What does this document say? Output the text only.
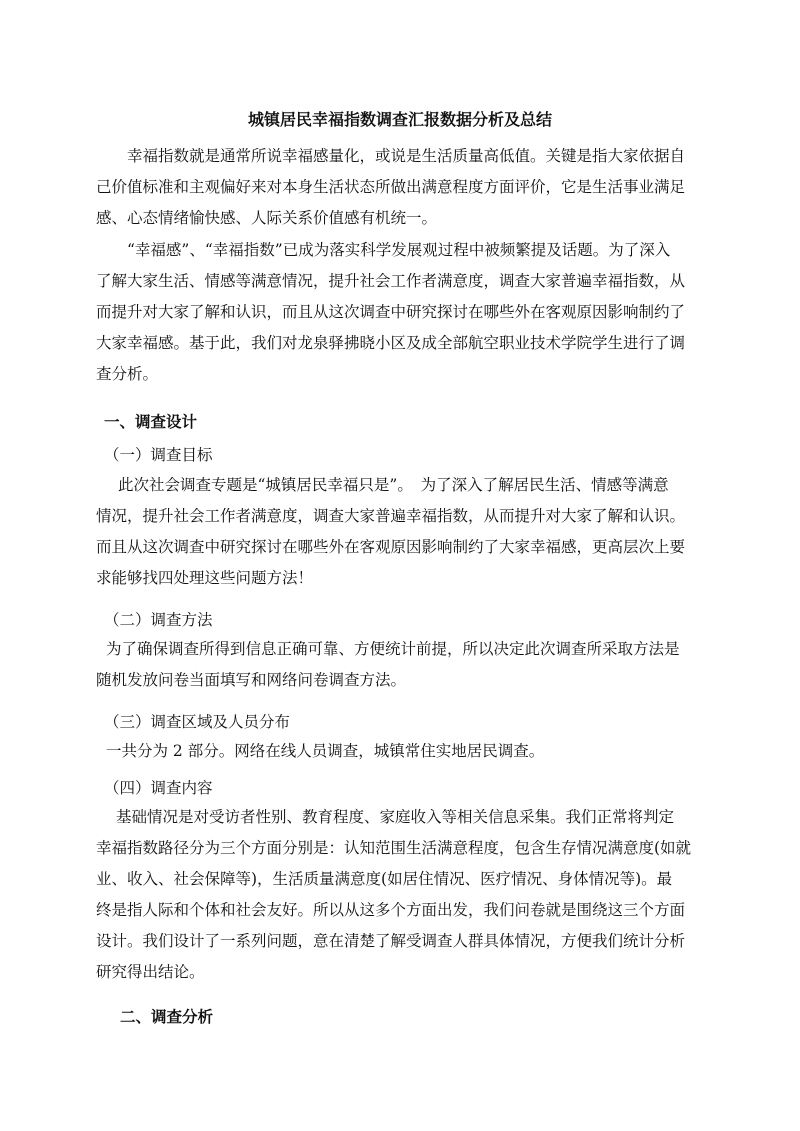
城镇居民幸福指数调查汇报数据分析及总结
幸福指数就是通常所说幸福感量化，或说是生活质量高低值。关键是指大家依据自
己价值标准和主观偏好来对本身生活状态所做出满意程度方面评价，它是生活事业满足
感、心态情绪愉快感、人际关系价值感有机统一。
“幸福感”、“幸福指数”已成为落实科学发展观过程中被频繁提及话题。为了深入
了解大家生活、情感等满意情况，提升社会工作者满意度，调查大家普遍幸福指数，从
而提升对大家了解和认识，而且从这次调查中研究探讨在哪些外在客观原因影响制约了
大家幸福感。基于此，我们对龙泉驿拂晓小区及成全部航空职业技术学院学生进行了调
查分析。
一、调查设计
（一）调查目标
此次社会调查专题是“城镇居民幸福只是”。　为了深入了解居民生活、情感等满意
情况，提升社会工作者满意度，调查大家普遍幸福指数，从而提升对大家了解和认识。
而且从这次调查中研究探讨在哪些外在客观原因影响制约了大家幸福感，更高层次上要
求能够找四处理这些问题方法！
（二）调查方法
为了确保调查所得到信息正确可靠、方便统计前提，所以决定此次调查所采取方法是
随机发放问卷当面填写和网络问卷调查方法。
（三）调查区域及人员分布
一共分为 2 部分。网络在线人员调查，城镇常住实地居民调查。
（四）调查内容
基础情况是对受访者性别、教育程度、家庭收入等相关信息采集。我们正常将判定
幸福指数路径分为三个方面分别是：认知范围生活满意程度，包含生存情况满意度(如就
业、收入、社会保障等)，生活质量满意度(如居住情况、医疗情况、身体情况等)。最
终是指人际和个体和社会友好。所以从这多个方面出发，我们问卷就是围绕这三个方面
设计。我们设计了一系列问题，意在清楚了解受调查人群具体情况，方便我们统计分析
研究得出结论。
二、调查分析
